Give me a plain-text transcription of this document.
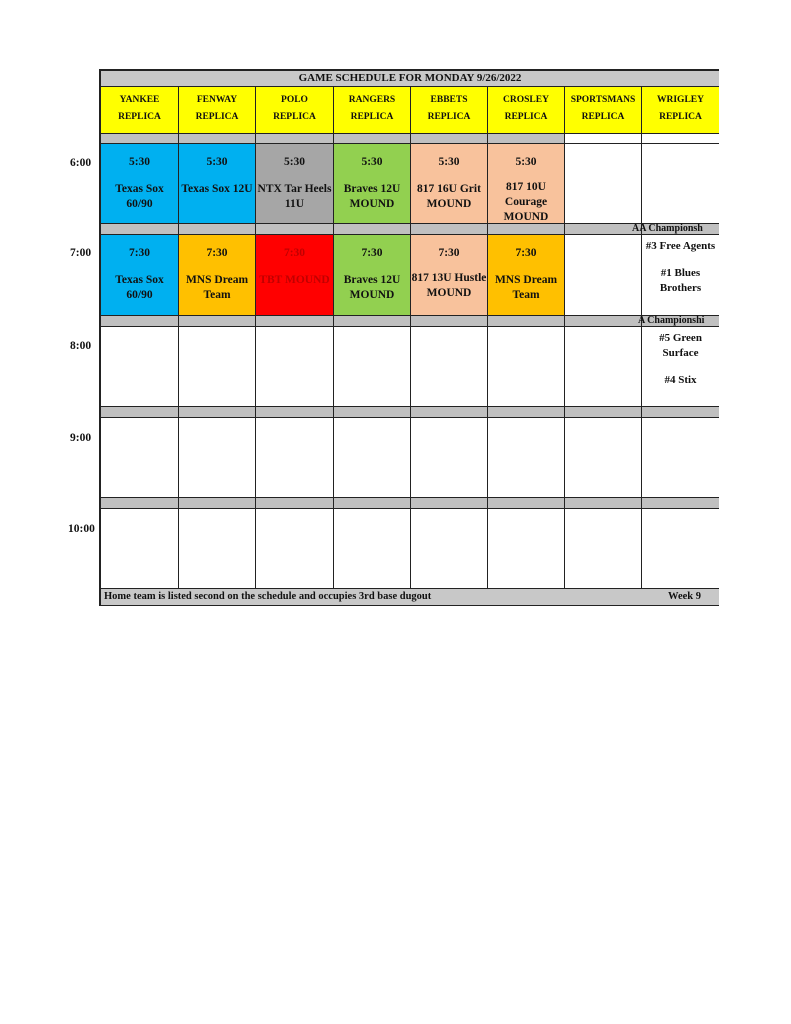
6:00
7:00
8:00
9:00
10:00
GAME SCHEDULE FOR MONDAY 9/26/2022
YANKEE
REPLICA
FENWAY
REPLICA
POLO
REPLICA
RANGERS
REPLICA
EBBETS
REPLICA
CROSLEY
REPLICA
SPORTSMANS
REPLICA
WRIGLEY
REPLICA
5:30
Texas Sox 60/90
5:30
Texas Sox 12U
5:30
NTX Tar Heels 11U
5:30
Braves 12U MOUND
5:30
817 16U Grit MOUND
5:30
817 10U Courage MOUND
AA Championsh
7:30
Texas Sox 60/90
7:30
MNS Dream Team
7:30
TBT MOUND
7:30
Braves 12U MOUND
7:30
817 13U Hustle MOUND
7:30
MNS Dream Team
#3 Free Agents
#1 Blues Brothers
A Championshi
#5 Green Surface
#4 Stix
Home team is listed second on the schedule and occupies 3rd base dugout	Week 9
